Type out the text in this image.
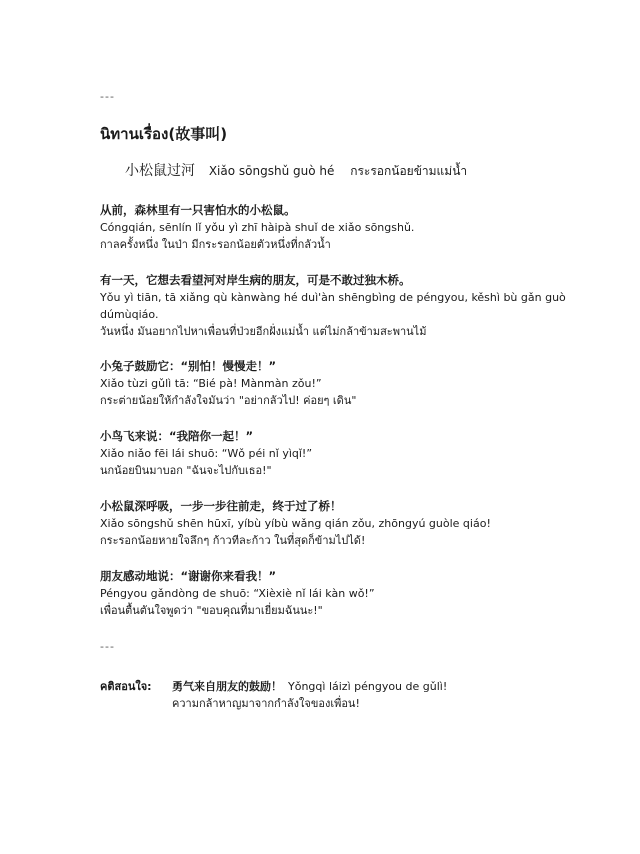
---
นิทานเรื่อง(故事叫)
小松鼠过河 Xiǎo sōngshǔ guò hé กระรอกน้อยข้ามแม่น้ำ
从前，森林里有一只害怕水的小松鼠。
Cóngqián, sēnlín lǐ yǒu yì zhī hàipà shuǐ de xiǎo sōngshǔ.
กาลครั้งหนึ่ง ในป่า มีกระรอกน้อยตัวหนึ่งที่กลัวน้ำ
有一天，它想去看望河对岸生病的朋友，可是不敢过独木桥。
Yǒu yì tiān, tā xiǎng qù kànwàng hé duì'àn shēngbìng de péngyou, kěshì bù gǎn guò dúmùqiáo.
วันหนึ่ง มันอยากไปหาเพื่อนที่ป่วยอีกฝั่งแม่น้ำ แต่ไม่กล้าข้ามสะพานไม้
小兔子鼓励它：“别怕！慢慢走！”
Xiǎo tùzi gǔlì tā: “Bié pà! Mànmàn zǒu!”
กระต่ายน้อยให้กำลังใจมันว่า "อย่ากลัวไป! ค่อยๆ เดิน"
小鸟飞来说：“我陪你一起！”
Xiǎo niǎo fēi lái shuō: “Wǒ péi nǐ yìqǐ!”
นกน้อยบินมาบอก "ฉันจะไปกับเธอ!"
小松鼠深呼吸，一步一步往前走，终于过了桥！
Xiǎo sōngshǔ shēn hūxī, yíbù yíbù wǎng qián zǒu, zhōngyú guòle qiáo!
กระรอกน้อยหายใจลึกๆ ก้าวทีละก้าว ในที่สุดก็ข้ามไปได้!
朋友感动地说：“谢谢你来看我！”
Péngyou gǎndòng de shuō: “Xièxiè nǐ lái kàn wǒ!”
เพื่อนตื้นตันใจพูดว่า "ขอบคุณที่มาเยี่ยมฉันนะ!"
---
คติสอนใจ: 勇气来自朋友的鼓励！ Yǒngqì láizì péngyou de gǔlì!
ความกล้าหาญมาจากกำลังใจของเพื่อน!
